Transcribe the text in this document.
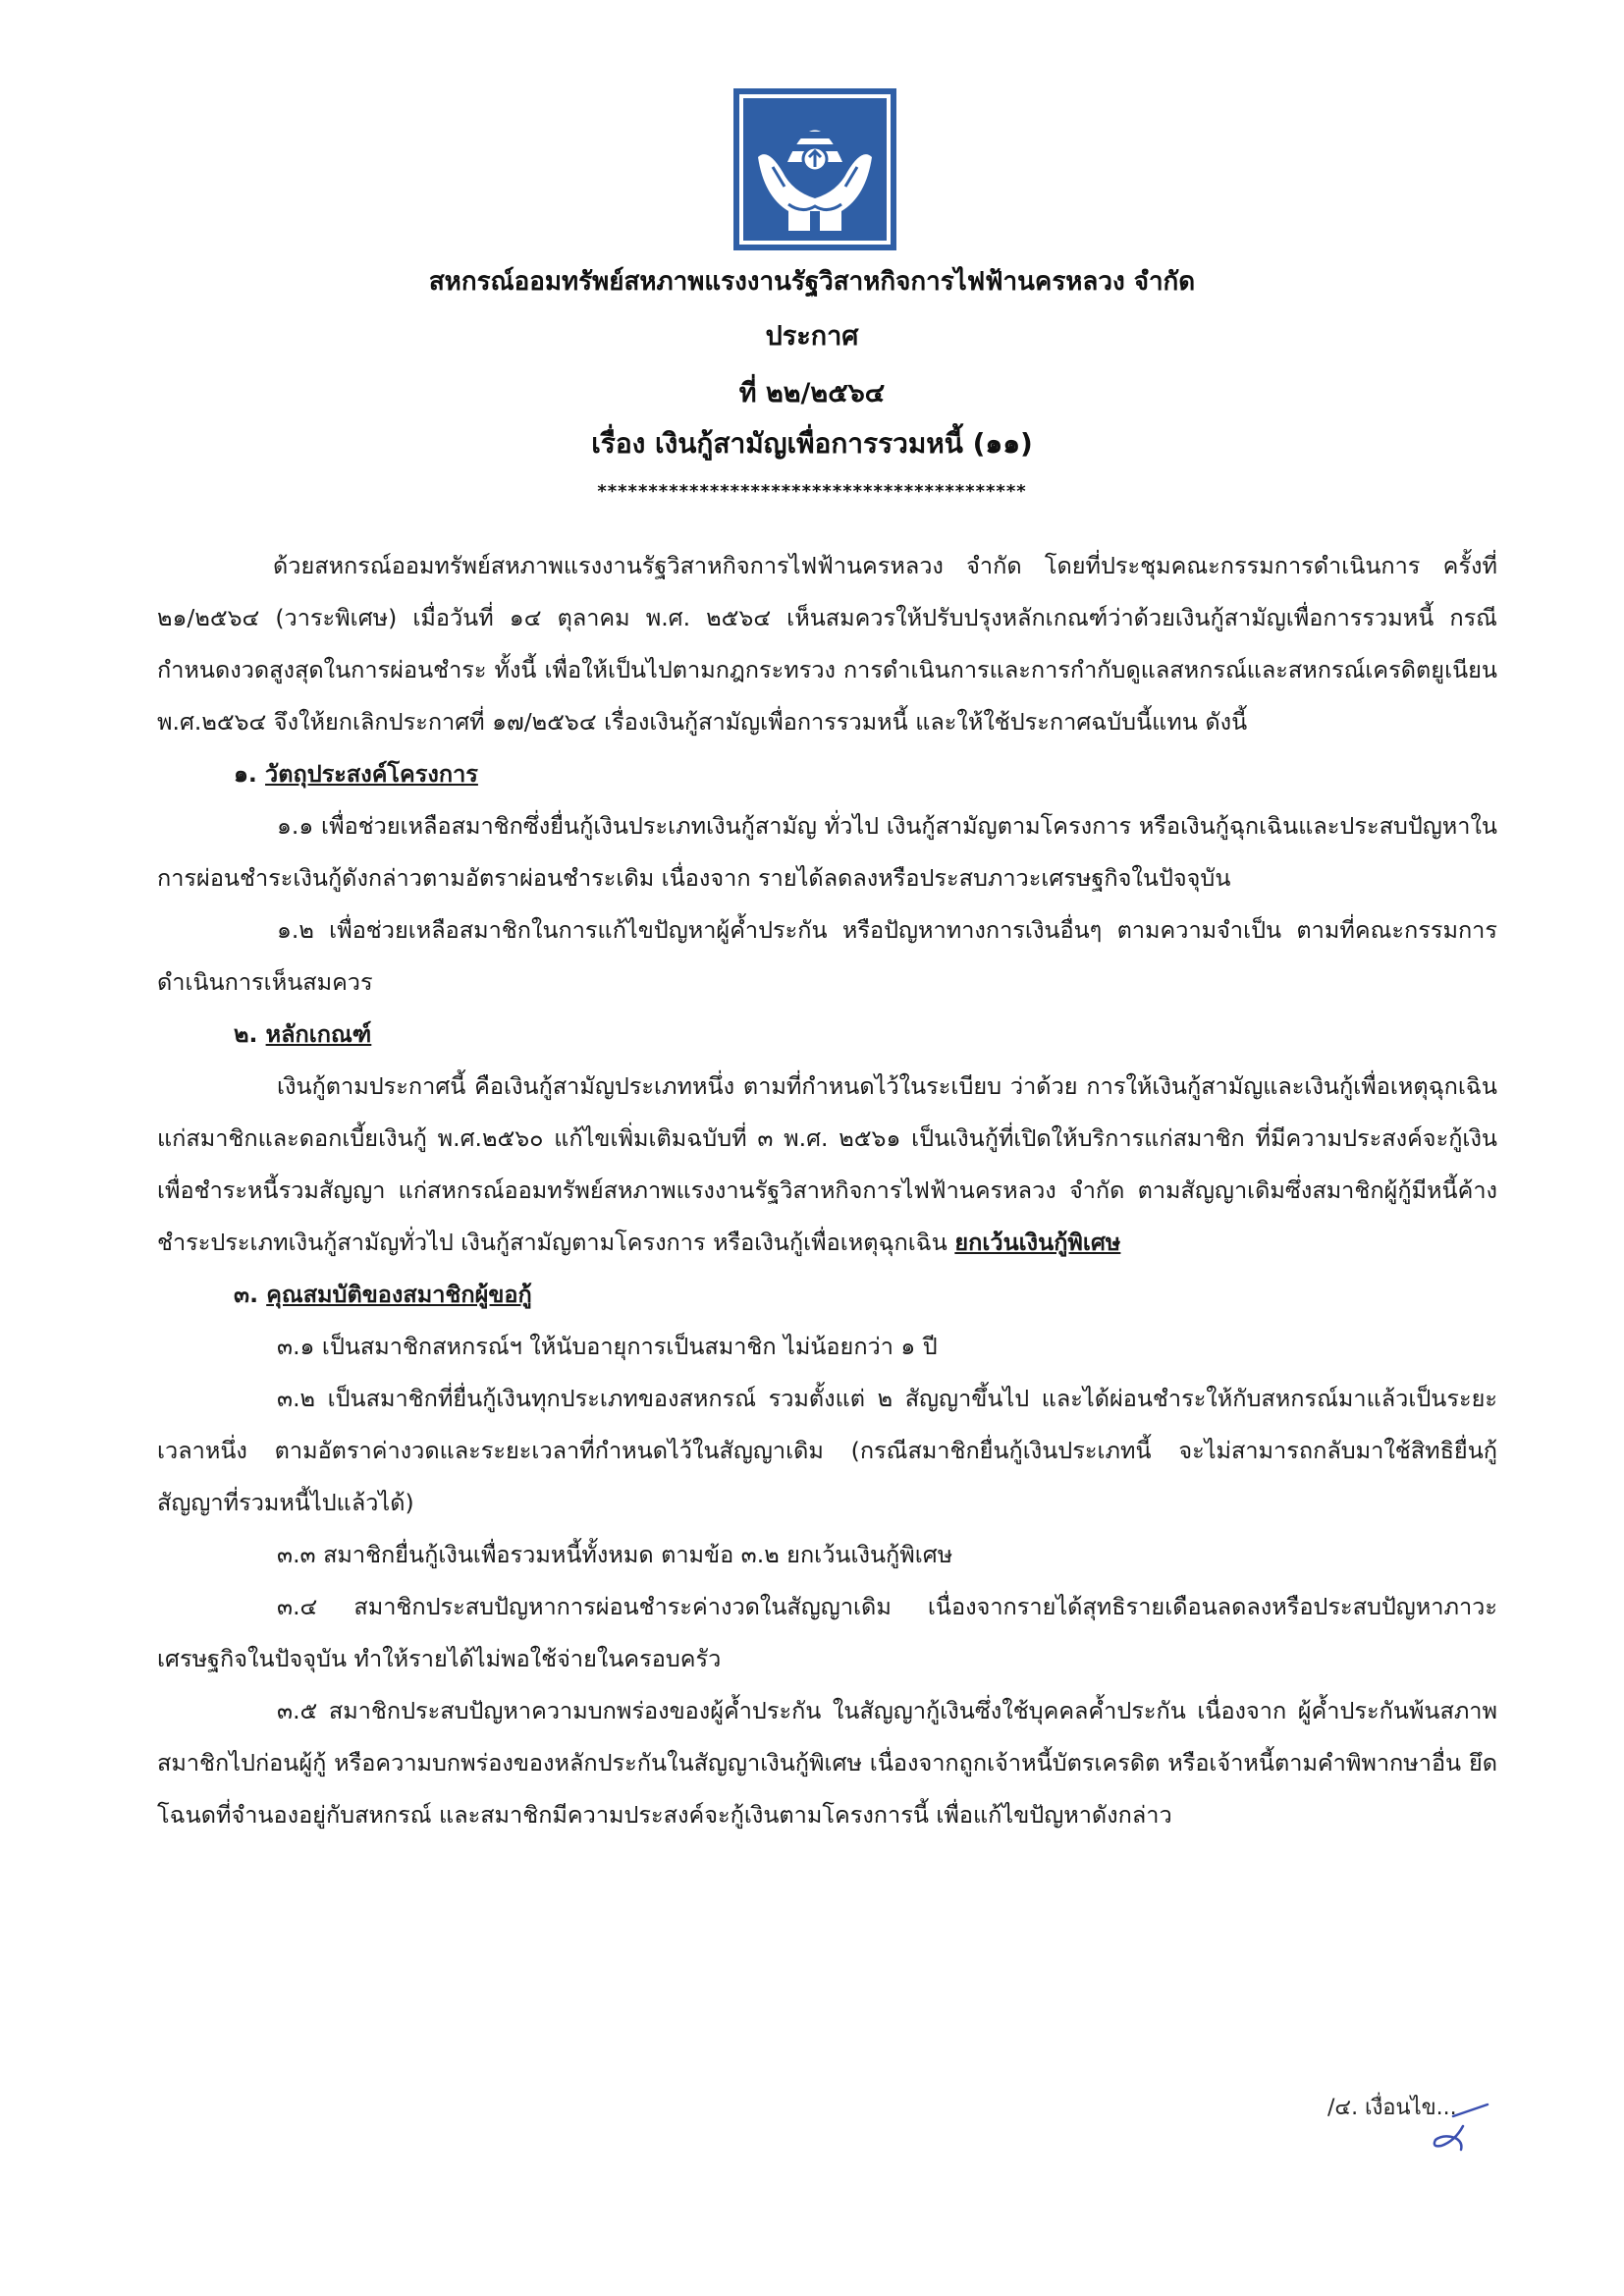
สหกรณ์ออมทรัพย์สหภาพแรงงานรัฐวิสาหกิจการไฟฟ้านครหลวง จำกัด
ประกาศ
ที่ ๒๒/๒๕๖๔
เรื่อง เงินกู้สามัญเพื่อการรวมหนี้ (๑๑)
******************************************

ด้วยสหกรณ์ออมทรัพย์สหภาพแรงงานรัฐวิสาหกิจการไฟฟ้านครหลวง จำกัด โดยที่ประชุมคณะกรรมการดำเนินการ ครั้งที่ ๒๑/๒๕๖๔ (วาระพิเศษ) เมื่อวันที่ ๑๔ ตุลาคม พ.ศ. ๒๕๖๔ เห็นสมควรให้ปรับปรุงหลักเกณฑ์ว่าด้วยเงินกู้สามัญเพื่อการรวมหนี้ กรณีกำหนดงวดสูงสุดในการผ่อนชำระ ทั้งนี้ เพื่อให้เป็นไปตามกฎกระทรวง การดำเนินการและการกำกับดูแลสหกรณ์และสหกรณ์เครดิตยูเนียน พ.ศ.๒๕๖๔ จึงให้ยกเลิกประกาศที่ ๑๗/๒๕๖๔ เรื่องเงินกู้สามัญเพื่อการรวมหนี้ และให้ใช้ประกาศฉบับนี้แทน ดังนี้

๑. วัตถุประสงค์โครงการ

๑.๑ เพื่อช่วยเหลือสมาชิกซึ่งยื่นกู้เงินประเภทเงินกู้สามัญ ทั่วไป เงินกู้สามัญตามโครงการ หรือเงินกู้ฉุกเฉินและประสบปัญหาในการผ่อนชำระเงินกู้ดังกล่าวตามอัตราผ่อนชำระเดิม เนื่องจาก รายได้ลดลงหรือประสบภาวะเศรษฐกิจในปัจจุบัน

๑.๒ เพื่อช่วยเหลือสมาชิกในการแก้ไขปัญหาผู้ค้ำประกัน หรือปัญหาทางการเงินอื่นๆ ตามความจำเป็น ตามที่คณะกรรมการดำเนินการเห็นสมควร

๒. หลักเกณฑ์

เงินกู้ตามประกาศนี้ คือเงินกู้สามัญประเภทหนึ่ง ตามที่กำหนดไว้ในระเบียบ ว่าด้วย การให้เงินกู้สามัญและเงินกู้เพื่อเหตุฉุกเฉินแก่สมาชิกและดอกเบี้ยเงินกู้ พ.ศ.๒๕๖๐ แก้ไขเพิ่มเติมฉบับที่ ๓ พ.ศ. ๒๕๖๑ เป็นเงินกู้ที่เปิดให้บริการแก่สมาชิก ที่มีความประสงค์จะกู้เงิน เพื่อชำระหนี้รวมสัญญา แก่สหกรณ์ออมทรัพย์สหภาพแรงงานรัฐวิสาหกิจการไฟฟ้านครหลวง จำกัด ตามสัญญาเดิมซึ่งสมาชิกผู้กู้มีหนี้ค้างชำระประเภทเงินกู้สามัญทั่วไป เงินกู้สามัญตามโครงการ หรือเงินกู้เพื่อเหตุฉุกเฉิน ยกเว้นเงินกู้พิเศษ

๓. คุณสมบัติของสมาชิกผู้ขอกู้

๓.๑ เป็นสมาชิกสหกรณ์ฯ ให้นับอายุการเป็นสมาชิก ไม่น้อยกว่า ๑ ปี

๓.๒ เป็นสมาชิกที่ยื่นกู้เงินทุกประเภทของสหกรณ์ รวมตั้งแต่ ๒ สัญญาขึ้นไป และได้ผ่อนชำระให้กับสหกรณ์มาแล้วเป็นระยะเวลาหนึ่ง ตามอัตราค่างวดและระยะเวลาที่กำหนดไว้ในสัญญาเดิม (กรณีสมาชิกยื่นกู้เงินประเภทนี้ จะไม่สามารถกลับมาใช้สิทธิยื่นกู้สัญญาที่รวมหนี้ไปแล้วได้)

๓.๓ สมาชิกยื่นกู้เงินเพื่อรวมหนี้ทั้งหมด ตามข้อ ๓.๒ ยกเว้นเงินกู้พิเศษ

๓.๔ สมาชิกประสบปัญหาการผ่อนชำระค่างวดในสัญญาเดิม เนื่องจากรายได้สุทธิรายเดือนลดลงหรือประสบปัญหาภาวะเศรษฐกิจในปัจจุบัน ทำให้รายได้ไม่พอใช้จ่ายในครอบครัว

๓.๕ สมาชิกประสบปัญหาความบกพร่องของผู้ค้ำประกัน ในสัญญากู้เงินซึ่งใช้บุคคลค้ำประกัน เนื่องจาก ผู้ค้ำประกันพ้นสภาพสมาชิกไปก่อนผู้กู้ หรือความบกพร่องของหลักประกันในสัญญาเงินกู้พิเศษ เนื่องจากถูกเจ้าหนี้บัตรเครดิต หรือเจ้าหนี้ตามคำพิพากษาอื่น ยึดโฉนดที่จำนองอยู่กับสหกรณ์ และสมาชิกมีความประสงค์จะกู้เงินตามโครงการนี้ เพื่อแก้ไขปัญหาดังกล่าว

/๔. เงื่อนไข...
